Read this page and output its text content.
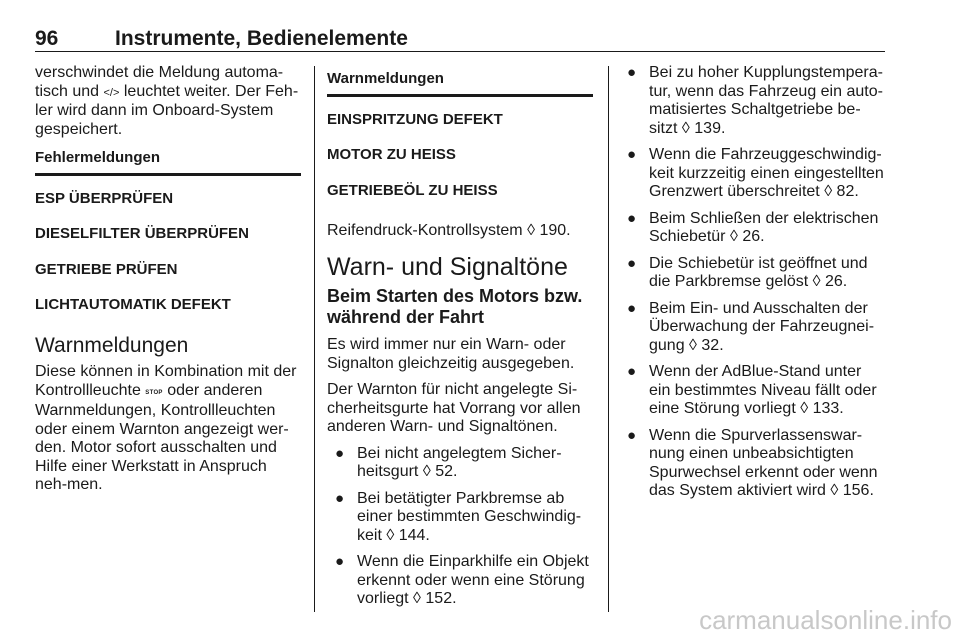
96	Instrumente, Bedienelemente

verschwindet die Meldung automa-tisch und </> leuchtet weiter. Der Feh-ler wird dann im Onboard-System gespeichert.

Fehlermeldungen

ESP ÜBERPRÜFEN

DIESELFILTER ÜBERPRÜFEN

GETRIEBE PRÜFEN

LICHTAUTOMATIK DEFEKT

Warnmeldungen

Diese können in Kombination mit der Kontrollleuchte STOP oder anderen Warnmeldungen, Kontrollleuchten oder einem Warnton angezeigt wer-den. Motor sofort ausschalten und Hilfe einer Werkstatt in Anspruch neh-men.

Warnmeldungen

EINSPRITZUNG DEFEKT

MOTOR ZU HEISS

GETRIEBEÖL ZU HEISS

Reifendruck-Kontrollsystem ◊ 190.

Warn- und Signaltöne

Beim Starten des Motors bzw. während der Fahrt

Es wird immer nur ein Warn- oder Signalton gleichzeitig ausgegeben.

Der Warnton für nicht angelegte Si-cherheitsgurte hat Vorrang vor allen anderen Warn- und Signaltönen.

● Bei nicht angelegtem Sicher-heitsgurt ◊ 52.
● Bei betätigter Parkbremse ab einer bestimmten Geschwindig-keit ◊ 144.
● Wenn die Einparkhilfe ein Objekt erkennt oder wenn eine Störung vorliegt ◊ 152.
● Bei zu hoher Kupplungstempera-tur, wenn das Fahrzeug ein auto-matisiertes Schaltgetriebe be-sitzt ◊ 139.
● Wenn die Fahrzeuggeschwindig-keit kurzzeitig einen eingestellten Grenzwert überschreitet ◊ 82.
● Beim Schließen der elektrischen Schiebetür ◊ 26.
● Die Schiebetür ist geöffnet und die Parkbremse gelöst ◊ 26.
● Beim Ein- und Ausschalten der Überwachung der Fahrzeugnei-gung ◊ 32.
● Wenn der AdBlue-Stand unter ein bestimmtes Niveau fällt oder eine Störung vorliegt ◊ 133.
● Wenn die Spurverlassenswar-nung einen unbeabsichtigten Spurwechsel erkennt oder wenn das System aktiviert wird ◊ 156.
carmanualsonline.info
